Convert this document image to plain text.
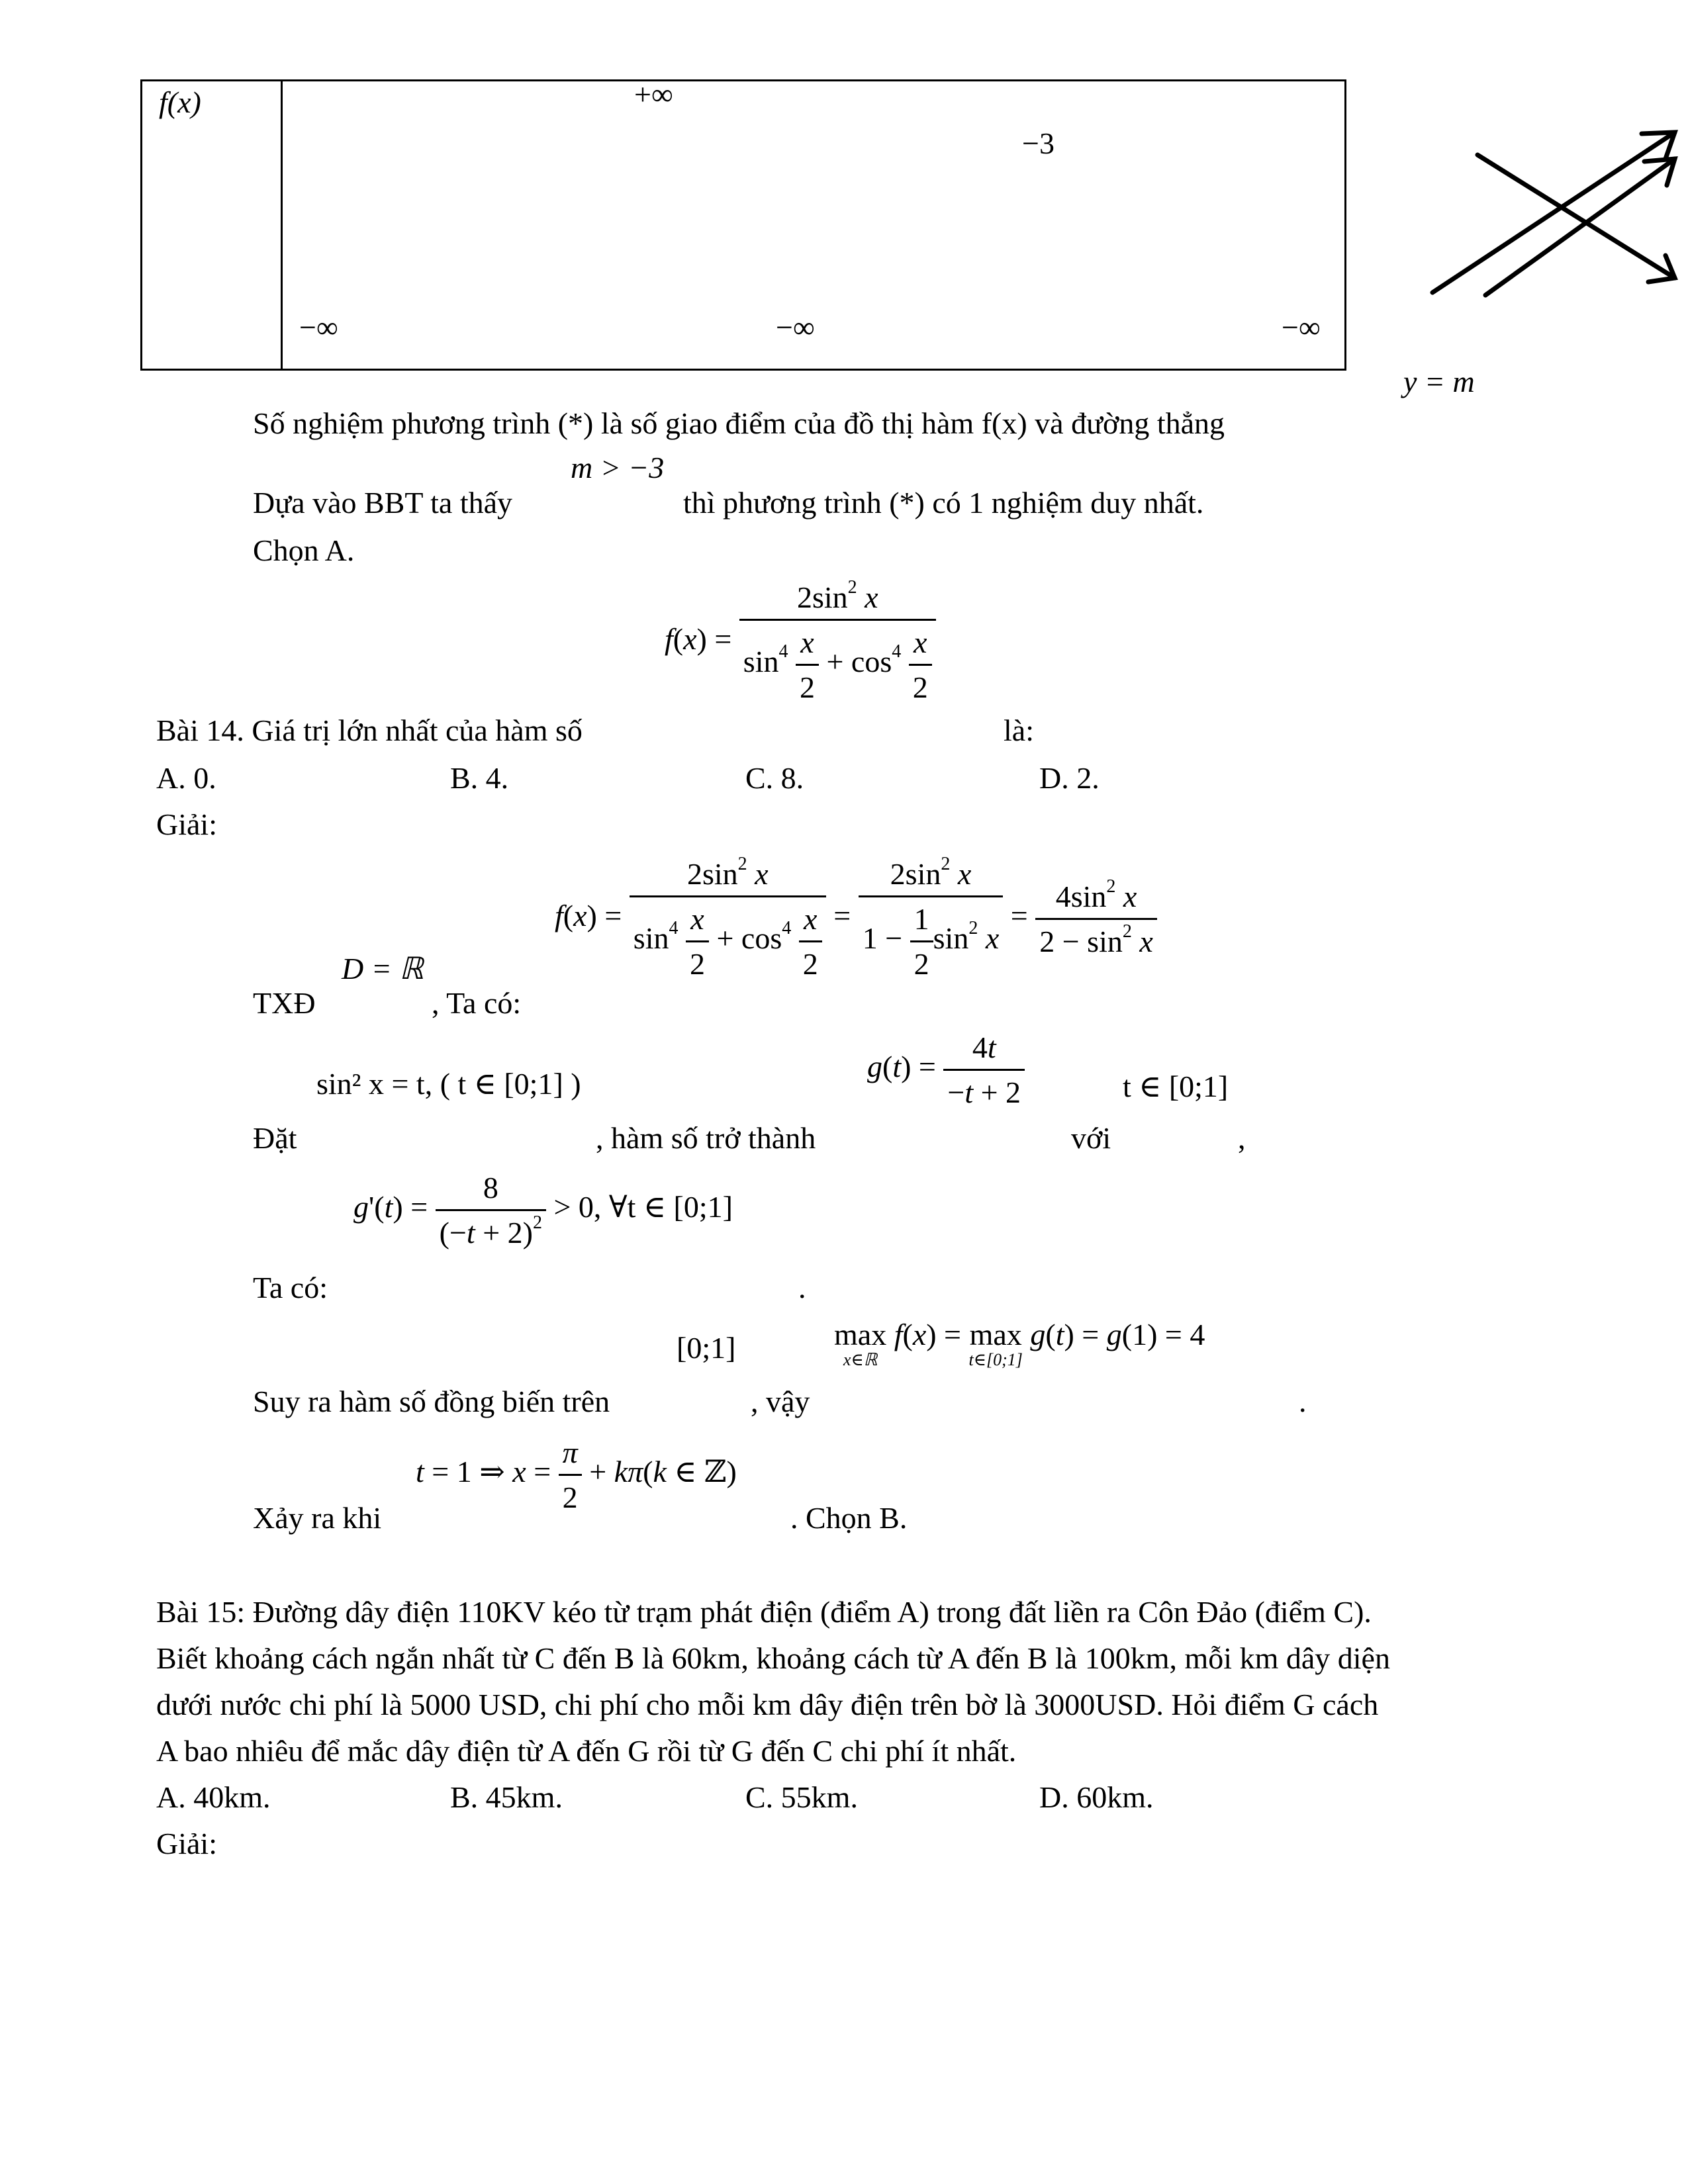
f(x)	+∞
−3
−∞	−∞	−∞
y = m
Số nghiệm phương trình (*) là số giao điểm của đồ thị hàm f(x) và đường thẳng
m > −3
Dựa vào BBT ta thấy	thì phương trình (*) có 1 nghiệm duy nhất.
Chọn A.
$f(x) = \frac{2\sin^2 x}{\sin^4 \frac{x}{2} + \cos^4 \frac{x}{2}}$
Bài 14. Giá trị lớn nhất của hàm số	là:
A. 0.	B. 4.	C. 8.	D. 2.
Giải:
$f(x) = \frac{2\sin^2 x}{\sin^4 \frac{x}{2} + \cos^4 \frac{x}{2}} = \frac{2\sin^2 x}{1 - \frac{1}{2} \sin^2 x} = \frac{4\sin^2 x}{2 - \sin^2 x}$
D = ℝ
TXĐ	, Ta có:
sin² x = t, ( t ∈ [0;1] )
$g(t) = \frac{4t}{-t + 2}$	t ∈ [0;1]
Đặt	, hàm số trở thành	với	,
$g'(t) = \frac{8}{(-t + 2)^2} > 0$, ∀t ∈ [0;1]
Ta có:	.
[0;1]	max
x∈ℝ
f(x) = max
t∈[0;1]
g(t) = g(1) = 4
Suy ra hàm số đồng biến trên	, vậy	.
t = 1 ⇒ $x = \frac{\pi}{2} + k\pi(k$ ∈ ℤ)
Xảy ra khi	. Chọn B.
Bài 15: Đường dây điện 110KV kéo từ trạm phát điện (điểm A) trong đất liền ra Côn Đảo (điểm C).
Biết khoảng cách ngắn nhất từ C đến B là 60km, khoảng cách từ A đến B là 100km, mỗi km dây diện
dưới nước chi phí là 5000 USD, chi phí cho mỗi km dây điện trên bờ là 3000USD. Hỏi điểm G cách
A bao nhiêu để mắc dây điện từ A đến G rồi từ G đến C chi phí ít nhất.
A. 40km.	B. 45km.	C. 55km.	D. 60km.
Giải:
